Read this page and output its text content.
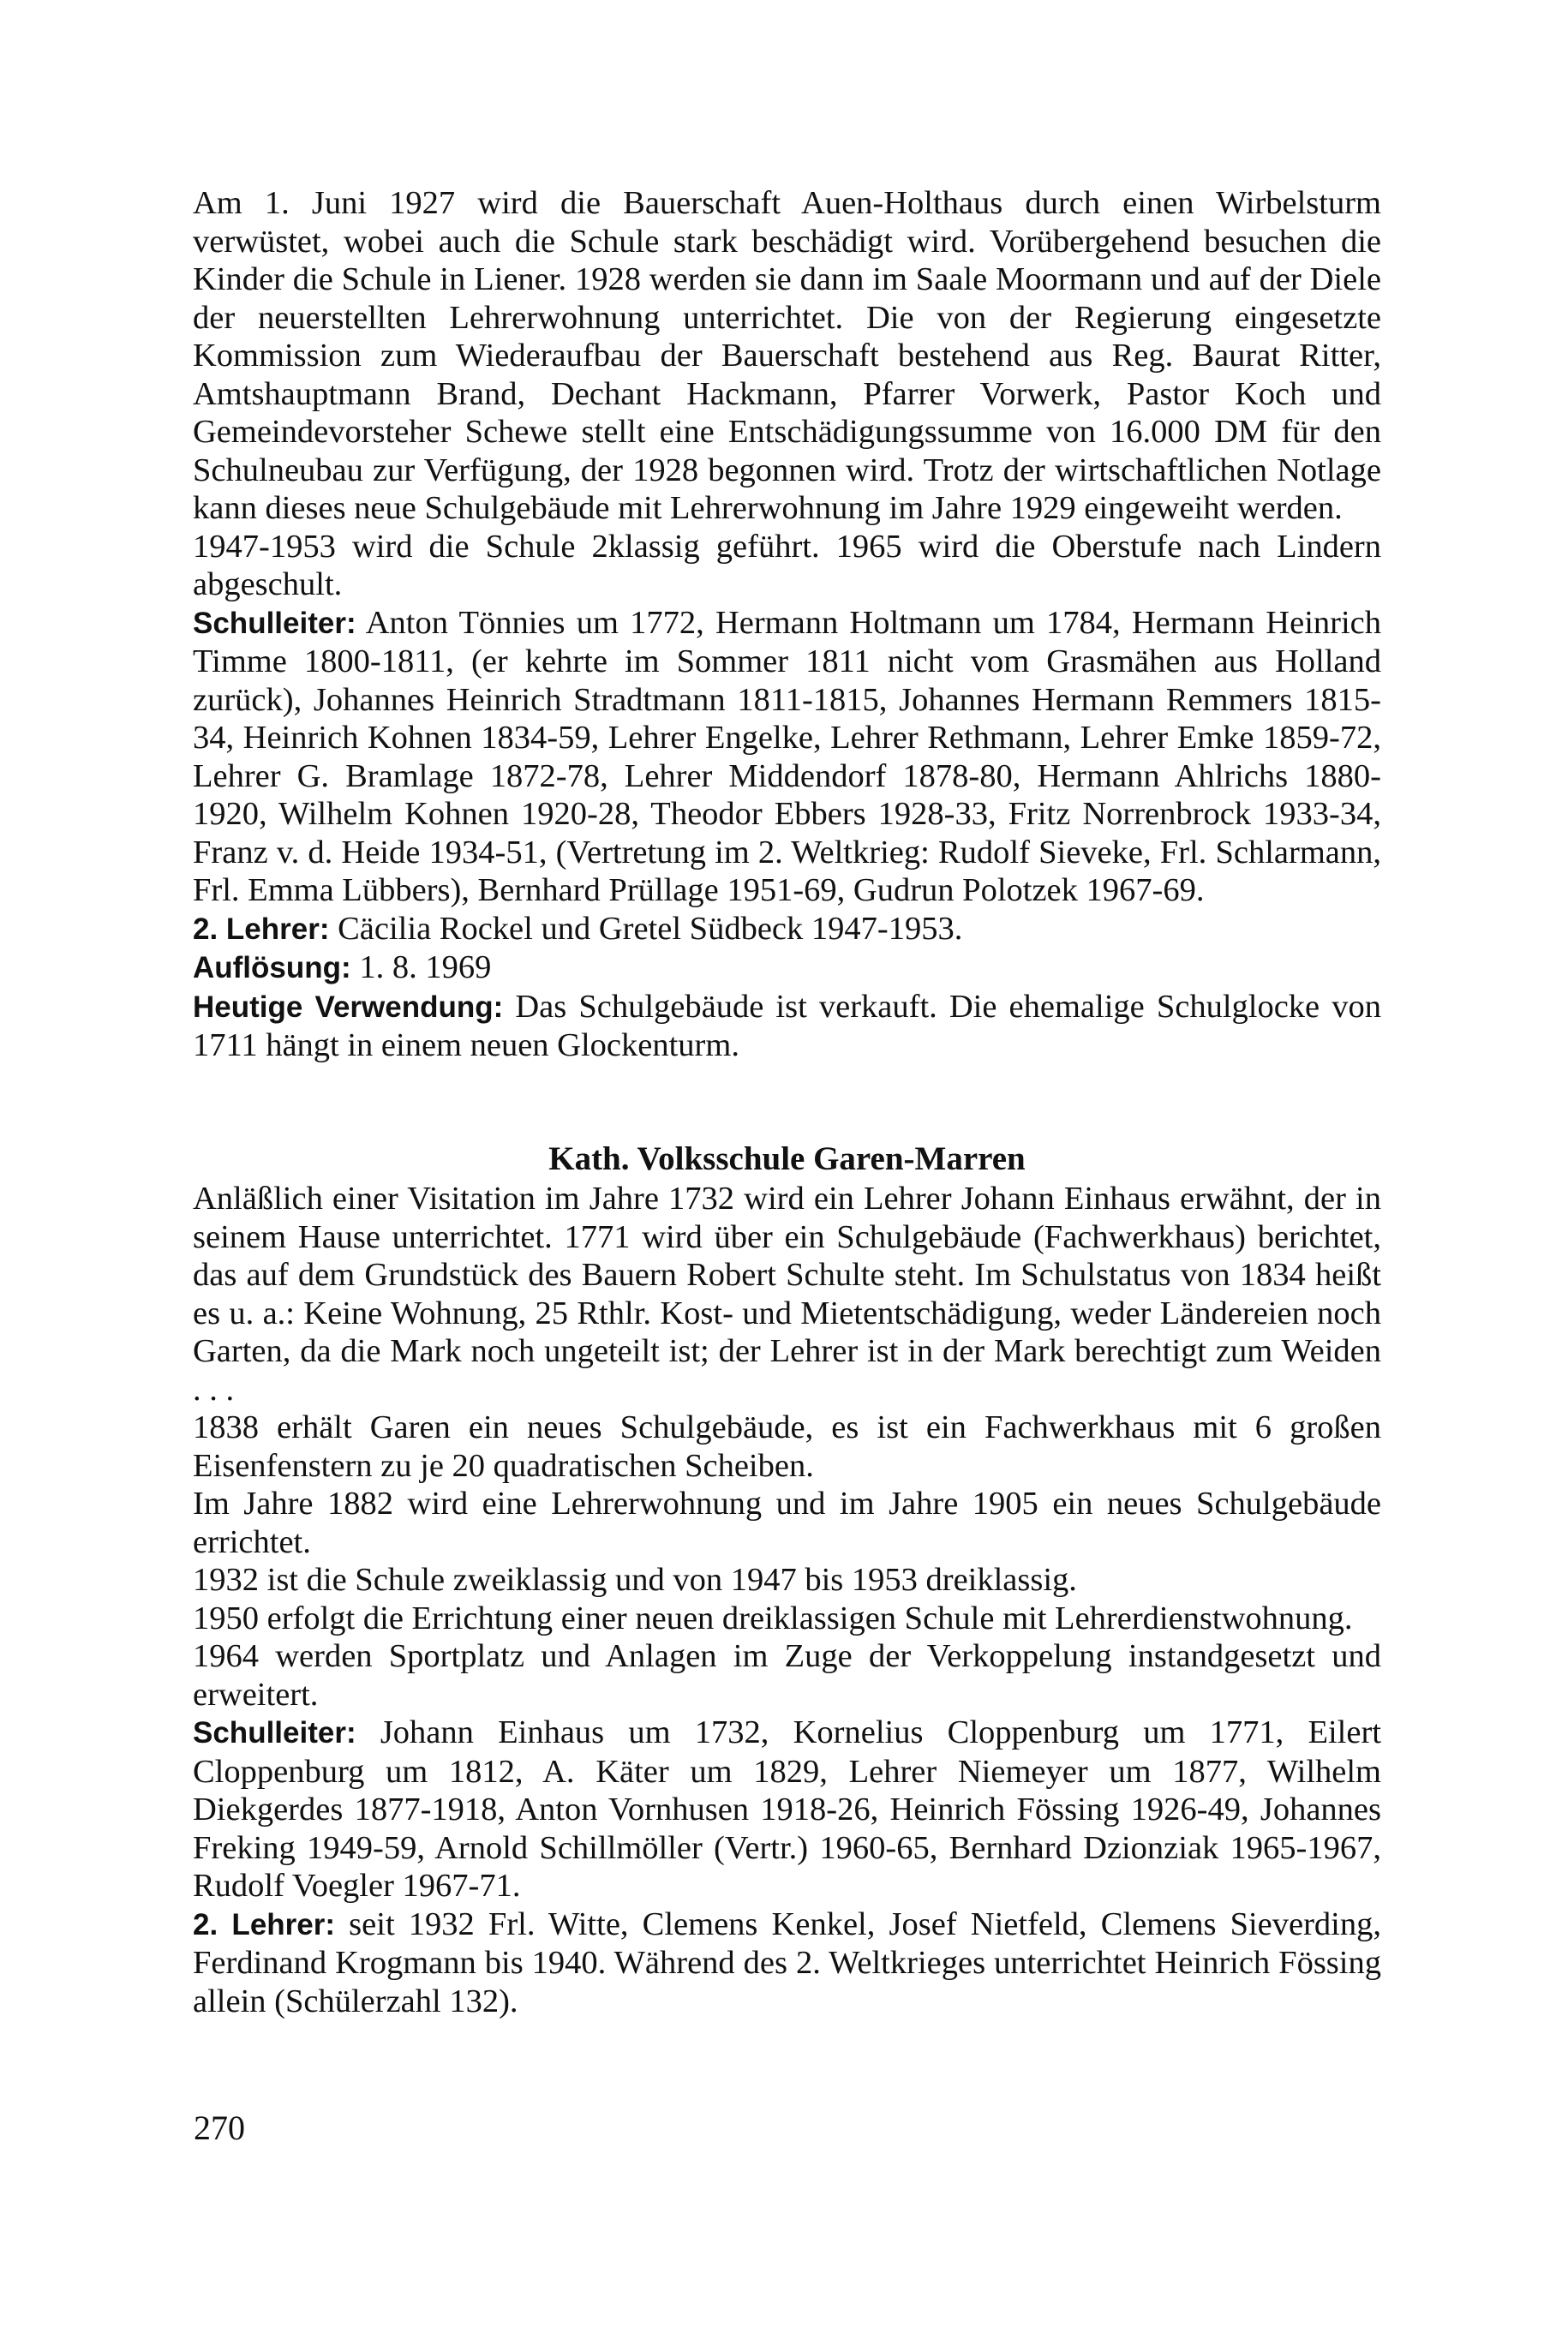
Am 1. Juni 1927 wird die Bauerschaft Auen-Holthaus durch einen Wirbelsturm verwüstet, wobei auch die Schule stark beschädigt wird. Vorübergehend besuchen die Kinder die Schule in Liener. 1928 werden sie dann im Saale Moormann und auf der Diele der neuerstellten Lehrerwohnung unterrichtet. Die von der Regierung eingesetzte Kommission zum Wiederaufbau der Bauerschaft bestehend aus Reg. Baurat Ritter, Amtshauptmann Brand, Dechant Hackmann, Pfarrer Vorwerk, Pastor Koch und Gemeindevorsteher Schewe stellt eine Entschädigungssumme von 16.000 DM für den Schulneubau zur Verfügung, der 1928 begonnen wird. Trotz der wirtschaftlichen Notlage kann dieses neue Schulgebäude mit Lehrerwohnung im Jahre 1929 eingeweiht werden.

1947-1953 wird die Schule 2klassig geführt. 1965 wird die Oberstufe nach Lindern abgeschult.

Schulleiter: Anton Tönnies um 1772, Hermann Holtmann um 1784, Hermann Heinrich Timme 1800-1811, (er kehrte im Sommer 1811 nicht vom Grasmähen aus Holland zurück), Johannes Heinrich Stradtmann 1811-1815, Johannes Hermann Remmers 1815-34, Heinrich Kohnen 1834-59, Lehrer Engelke, Lehrer Rethmann, Lehrer Emke 1859-72, Lehrer G. Bramlage 1872-78, Lehrer Middendorf 1878-80, Hermann Ahlrichs 1880-1920, Wilhelm Kohnen 1920-28, Theodor Ebbers 1928-33, Fritz Norrenbrock 1933-34, Franz v. d. Heide 1934-51, (Vertretung im 2. Weltkrieg: Rudolf Sieveke, Frl. Schlarmann, Frl. Emma Lübbers), Bernhard Prüllage 1951-69, Gudrun Polotzek 1967-69.

2. Lehrer: Cäcilia Rockel und Gretel Südbeck 1947-1953.

Auflösung: 1. 8. 1969

Heutige Verwendung: Das Schulgebäude ist verkauft. Die ehemalige Schulglocke von 1711 hängt in einem neuen Glockenturm.

Kath. Volksschule Garen-Marren

Anläßlich einer Visitation im Jahre 1732 wird ein Lehrer Johann Einhaus erwähnt, der in seinem Hause unterrichtet. 1771 wird über ein Schulgebäude (Fachwerkhaus) berichtet, das auf dem Grundstück des Bauern Robert Schulte steht. Im Schulstatus von 1834 heißt es u. a.: Keine Wohnung, 25 Rthlr. Kost- und Mietentschädigung, weder Ländereien noch Garten, da die Mark noch ungeteilt ist; der Lehrer ist in der Mark berechtigt zum Weiden . . .

1838 erhält Garen ein neues Schulgebäude, es ist ein Fachwerkhaus mit 6 großen Eisenfenstern zu je 20 quadratischen Scheiben.

Im Jahre 1882 wird eine Lehrerwohnung und im Jahre 1905 ein neues Schulgebäude errichtet.

1932 ist die Schule zweiklassig und von 1947 bis 1953 dreiklassig.

1950 erfolgt die Errichtung einer neuen dreiklassigen Schule mit Lehrerdienstwohnung.

1964 werden Sportplatz und Anlagen im Zuge der Verkoppelung instandgesetzt und erweitert.

Schulleiter: Johann Einhaus um 1732, Kornelius Cloppenburg um 1771, Eilert Cloppenburg um 1812, A. Käter um 1829, Lehrer Niemeyer um 1877, Wilhelm Diekgerdes 1877-1918, Anton Vornhusen 1918-26, Heinrich Fössing 1926-49, Johannes Freking 1949-59, Arnold Schillmöller (Vertr.) 1960-65, Bernhard Dzionziak 1965-1967, Rudolf Voegler 1967-71.

2. Lehrer: seit 1932 Frl. Witte, Clemens Kenkel, Josef Nietfeld, Clemens Sieverding, Ferdinand Krogmann bis 1940. Während des 2. Weltkrieges unterrichtet Heinrich Fössing allein (Schülerzahl 132).

270
